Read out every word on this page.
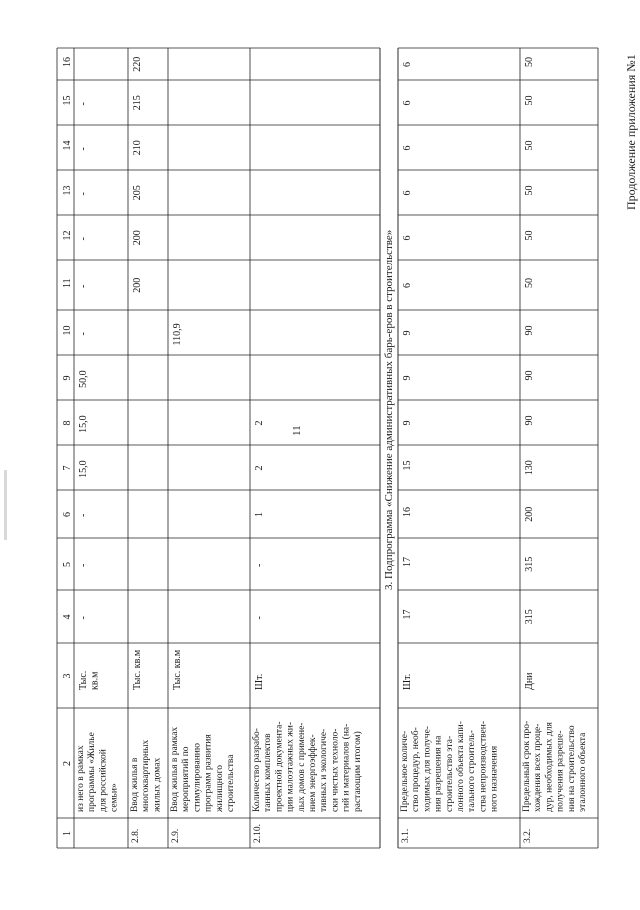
1
2
3
4
5
6
7
8
9
10
11
12
13
14
15
16
11
Продолжение приложения №1
3. Подпрограмма «Снижение административных барь-еров в строительстве»
из него в рамках программы «Жилье для российской семьи»
Тыс. кв.м
-
-
-
15,0
15,0
50,0
-
-
-
-
-
-
2.8.
Ввод жилья в многоквартирных жилых домах
Тыс. кв.м
200
200
205
210
215
220
2.9.
Ввод жилья в рамках мероприятий по стимулированию программ развития жилищного строительства
Тыс. кв.м
110,9
2.10.
Количество разрабо- танных комплектов проектной документа- ции малоэтажных жи- лых домов с примене- нием энергоэффек- тивных и экологиче- ски чистых техноло- гий и материалов (на- растающим итогом)
Шт.
-
-
1
2
2
3.1.
Предельное количе- ство процедур, необ- ходимых для получе- ния разрешения на строительство эта- лонного объекта капи- тального строитель- ства непроизводствен- ного назначения
Шт.
17
17
16
15
9
9
9
6
6
6
6
6
6
3.2.
Предельный срок про- хождения всех проце- дур, необходимых для получения разреше- ния на строительство эталонного объекта
Дни
315
315
200
130
90
90
90
50
50
50
50
50
50
